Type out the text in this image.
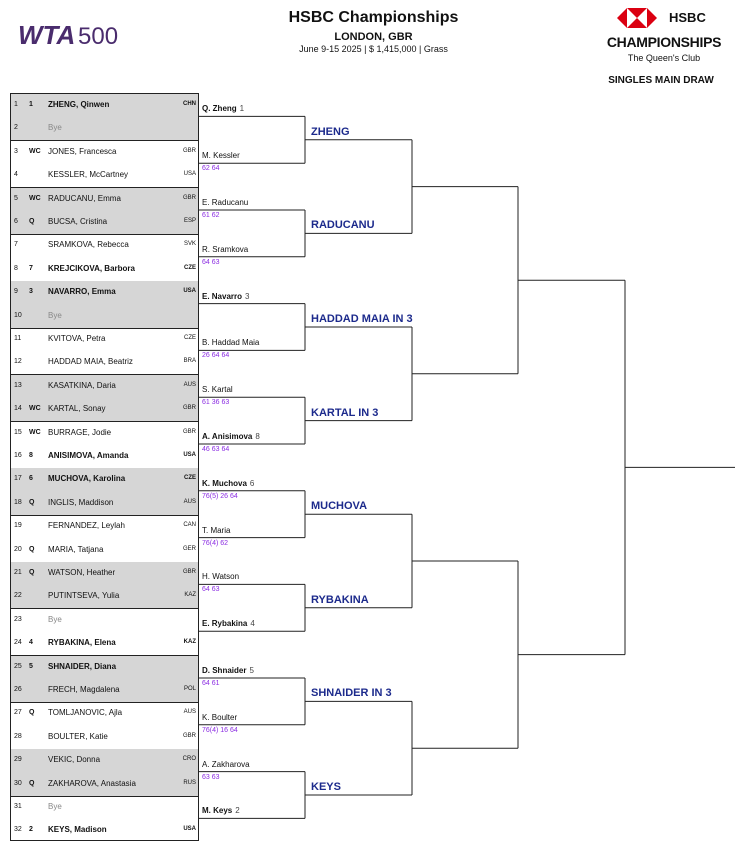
WTA 500
HSBC Championships
LONDON, GBR
June 9-15 2025 | $ 1,415,000 | Grass
HSBC
CHAMPIONSHIPS
The Queen's Club
SINGLES MAIN DRAW
1	1	ZHENG, Qinwen	CHN
2	Bye
3	WC JONES, Francesca	GBR
4	KESSLER, McCartney	USA
5	WC RADUCANU, Emma	GBR
6	Q	BUCSA, Cristina	ESP
7	SRAMKOVA, Rebecca	SVK
8	7	KREJCIKOVA, Barbora	CZE
9	3	NAVARRO, Emma	USA
10	Bye
11	KVITOVA, Petra	CZE
12	HADDAD MAIA, Beatriz	BRA
13	KASATKINA, Daria	AUS
14	WC KARTAL, Sonay	GBR
15	WC BURRAGE, Jodie	GBR
16	8	ANISIMOVA, Amanda	USA
17	6	MUCHOVA, Karolina	CZE
18	Q	INGLIS, Maddison	AUS
19	FERNANDEZ, Leylah	CAN
20	Q	MARIA, Tatjana	GER
21	Q	WATSON, Heather	GBR
22	PUTINTSEVA, Yulia	KAZ
23	Bye
24	4	RYBAKINA, Elena	KAZ
25	5	SHNAIDER, Diana
26	FRECH, Magdalena	POL
27	Q	TOMLJANOVIC, Ajla	AUS
28	BOULTER, Katie	GBR
29	VEKIC, Donna	CRO
30	Q	ZAKHAROVA, Anastasia	RUS
31	Bye
32	2	KEYS, Madison	USA
Q. Zheng 1
M. Kessler
62 64
E. Raducanu
61 62
R. Sramkova
64 63
E. Navarro 3
B. Haddad Maia
26 64 64
S. Kartal
61 36 63
A. Anisimova 8
46 63 64
K. Muchova 6
76(5) 26 64
T. Maria
76(4) 62
H. Watson
64 63
E. Rybakina 4
D. Shnaider 5
64 61
K. Boulter
76(4) 16 64
A. Zakharova
63 63
M. Keys 2
ZHENG
RADUCANU
HADDAD MAIA IN 3
KARTAL IN 3
MUCHOVA
RYBAKINA
SHNAIDER IN 3
KEYS
